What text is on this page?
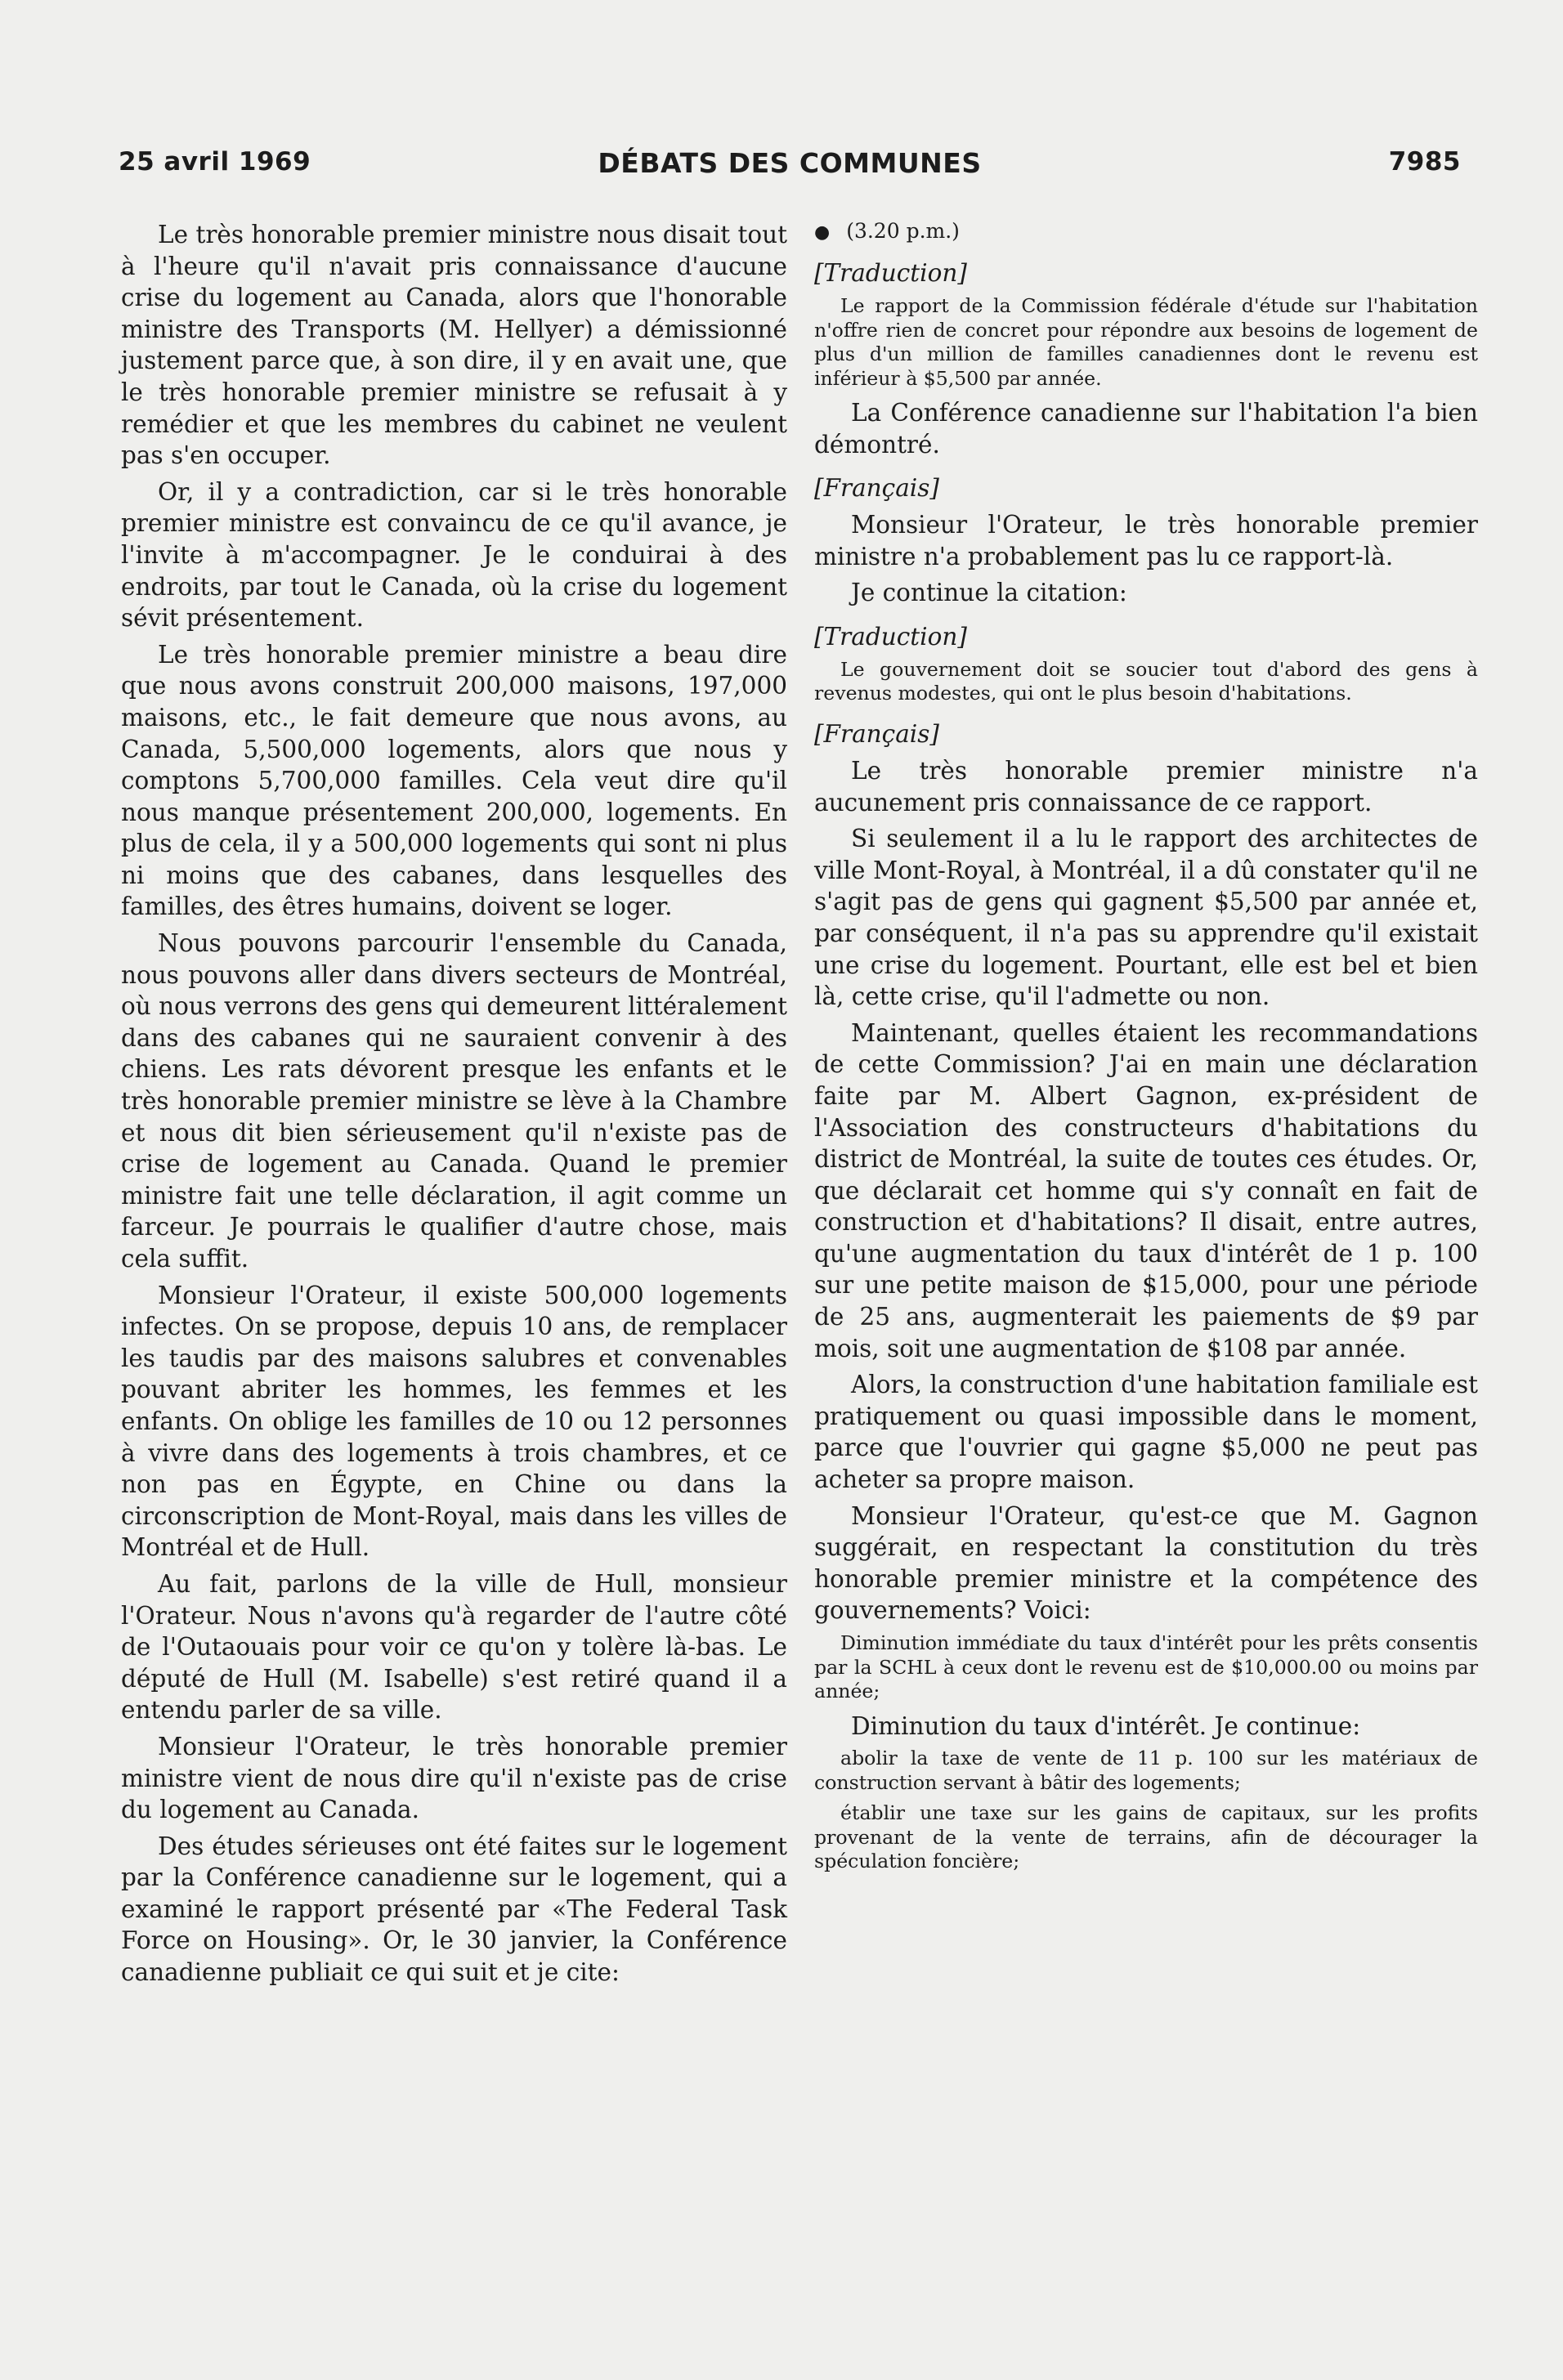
25 avril 1969	DÉBATS DES COMMUNES	7985

Le très honorable premier ministre nous disait tout à l'heure qu'il n'avait pris connaissance d'aucune crise du logement au Canada, alors que l'honorable ministre des Transports (M. Hellyer) a démissionné justement parce que, à son dire, il y en avait une, que le très honorable premier ministre se refusait à y remédier et que les membres du cabinet ne veulent pas s'en occuper.

Or, il y a contradiction, car si le très honorable premier ministre est convaincu de ce qu'il avance, je l'invite à m'accompagner. Je le conduirai à des endroits, par tout le Canada, où la crise du logement sévit présentement.

Le très honorable premier ministre a beau dire que nous avons construit 200,000 maisons, 197,000 maisons, etc., le fait demeure que nous avons, au Canada, 5,500,000 logements, alors que nous y comptons 5,700,000 familles. Cela veut dire qu'il nous manque présentement 200,000, logements. En plus de cela, il y a 500,000 logements qui sont ni plus ni moins que des cabanes, dans lesquelles des familles, des êtres humains, doivent se loger.

Nous pouvons parcourir l'ensemble du Canada, nous pouvons aller dans divers secteurs de Montréal, où nous verrons des gens qui demeurent littéralement dans des cabanes qui ne sauraient convenir à des chiens. Les rats dévorent presque les enfants et le très honorable premier ministre se lève à la Chambre et nous dit bien sérieusement qu'il n'existe pas de crise de logement au Canada. Quand le premier ministre fait une telle déclaration, il agit comme un farceur. Je pourrais le qualifier d'autre chose, mais cela suffit.

Monsieur l'Orateur, il existe 500,000 logements infectes. On se propose, depuis 10 ans, de remplacer les taudis par des maisons salubres et convenables pouvant abriter les hommes, les femmes et les enfants. On oblige les familles de 10 ou 12 personnes à vivre dans des logements à trois chambres, et ce non pas en Égypte, en Chine ou dans la circonscription de Mont-Royal, mais dans les villes de Montréal et de Hull.

Au fait, parlons de la ville de Hull, monsieur l'Orateur. Nous n'avons qu'à regarder de l'autre côté de l'Outaouais pour voir ce qu'on y tolère là-bas. Le député de Hull (M. Isabelle) s'est retiré quand il a entendu parler de sa ville.

Monsieur l'Orateur, le très honorable premier ministre vient de nous dire qu'il n'existe pas de crise du logement au Canada.

Des études sérieuses ont été faites sur le logement par la Conférence canadienne sur le logement, qui a examiné le rapport présenté par «The Federal Task Force on Housing». Or, le 30 janvier, la Conférence canadienne publiait ce qui suit et je cite:

● (3.20 p.m.)
[Traduction]

Le rapport de la Commission fédérale d'étude sur l'habitation n'offre rien de concret pour répondre aux besoins de logement de plus d'un million de familles canadiennes dont le revenu est inférieur à $5,500 par année.

La Conférence canadienne sur l'habitation l'a bien démontré.

[Français]

Monsieur l'Orateur, le très honorable premier ministre n'a probablement pas lu ce rapport-là.

Je continue la citation:

[Traduction]

Le gouvernement doit se soucier tout d'abord des gens à revenus modestes, qui ont le plus besoin d'habitations.

[Français]

Le très honorable premier ministre n'a aucunement pris connaissance de ce rapport.

Si seulement il a lu le rapport des architectes de ville Mont-Royal, à Montréal, il a dû constater qu'il ne s'agit pas de gens qui gagnent $5,500 par année et, par conséquent, il n'a pas su apprendre qu'il existait une crise du logement. Pourtant, elle est bel et bien là, cette crise, qu'il l'admette ou non.

Maintenant, quelles étaient les recommandations de cette Commission? J'ai en main une déclaration faite par M. Albert Gagnon, ex-président de l'Association des constructeurs d'habitations du district de Montréal, la suite de toutes ces études. Or, que déclarait cet homme qui s'y connaît en fait de construction et d'habitations? Il disait, entre autres, qu'une augmentation du taux d'intérêt de 1 p. 100 sur une petite maison de $15,000, pour une période de 25 ans, augmenterait les paiements de $9 par mois, soit une augmentation de $108 par année.

Alors, la construction d'une habitation familiale est pratiquement ou quasi impossible dans le moment, parce que l'ouvrier qui gagne $5,000 ne peut pas acheter sa propre maison.

Monsieur l'Orateur, qu'est-ce que M. Gagnon suggérait, en respectant la constitution du très honorable premier ministre et la compétence des gouvernements? Voici:

Diminution immédiate du taux d'intérêt pour les prêts consentis par la SCHL à ceux dont le revenu est de $10,000.00 ou moins par année;

Diminution du taux d'intérêt. Je continue:

abolir la taxe de vente de 11 p. 100 sur les matériaux de construction servant à bâtir des logements;

établir une taxe sur les gains de capitaux, sur les profits provenant de la vente de terrains, afin de décourager la spéculation foncière;
